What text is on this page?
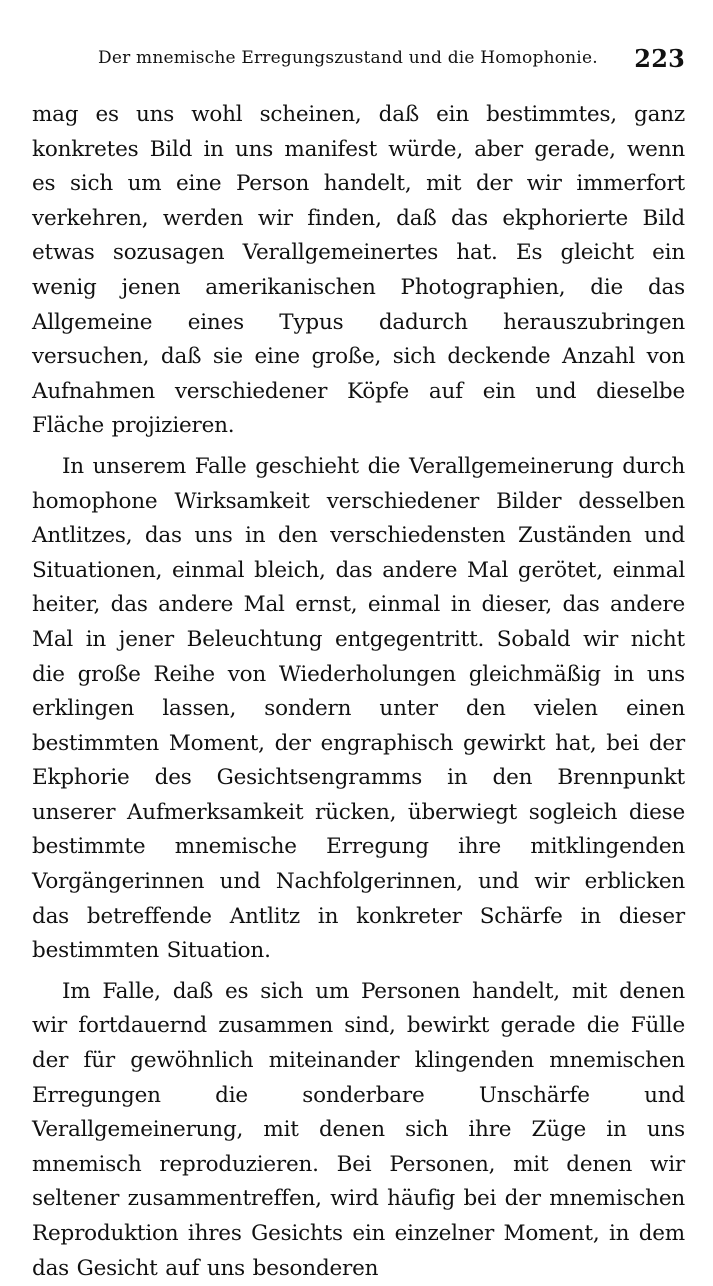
Der mnemische Erregungszustand und die Homophonie. 223

mag es uns wohl scheinen, daß ein bestimmtes, ganz konkretes Bild in uns manifest würde, aber gerade, wenn es sich um eine Person handelt, mit der wir immerfort verkehren, werden wir finden, daß das ekphorierte Bild etwas sozusagen Verallgemeinertes hat. Es gleicht ein wenig jenen amerikanischen Photographien, die das Allgemeine eines Typus dadurch herauszubringen versuchen, daß sie eine große, sich deckende Anzahl von Aufnahmen verschiedener Köpfe auf ein und dieselbe Fläche projizieren.

In unserem Falle geschieht die Verallgemeinerung durch homophone Wirksamkeit verschiedener Bilder desselben Antlitzes, das uns in den verschiedensten Zuständen und Situationen, einmal bleich, das andere Mal gerötet, einmal heiter, das andere Mal ernst, einmal in dieser, das andere Mal in jener Beleuchtung entgegentritt. Sobald wir nicht die große Reihe von Wiederholungen gleichmäßig in uns erklingen lassen, sondern unter den vielen einen bestimmten Moment, der engraphisch gewirkt hat, bei der Ekphorie des Gesichtsengramms in den Brennpunkt unserer Aufmerksamkeit rücken, überwiegt sogleich diese bestimmte mnemische Erregung ihre mitklingenden Vorgängerinnen und Nachfolgerinnen, und wir erblicken das betreffende Antlitz in konkreter Schärfe in dieser bestimmten Situation.

Im Falle, daß es sich um Personen handelt, mit denen wir fortdauernd zusammen sind, bewirkt gerade die Fülle der für gewöhnlich miteinander klingenden mnemischen Erregungen die sonderbare Unschärfe und Verallgemeinerung, mit denen sich ihre Züge in uns mnemisch reproduzieren. Bei Personen, mit denen wir seltener zusammentreffen, wird häufig bei der mnemischen Reproduktion ihres Gesichts ein einzelner Moment, in dem das Gesicht auf uns besonderen
